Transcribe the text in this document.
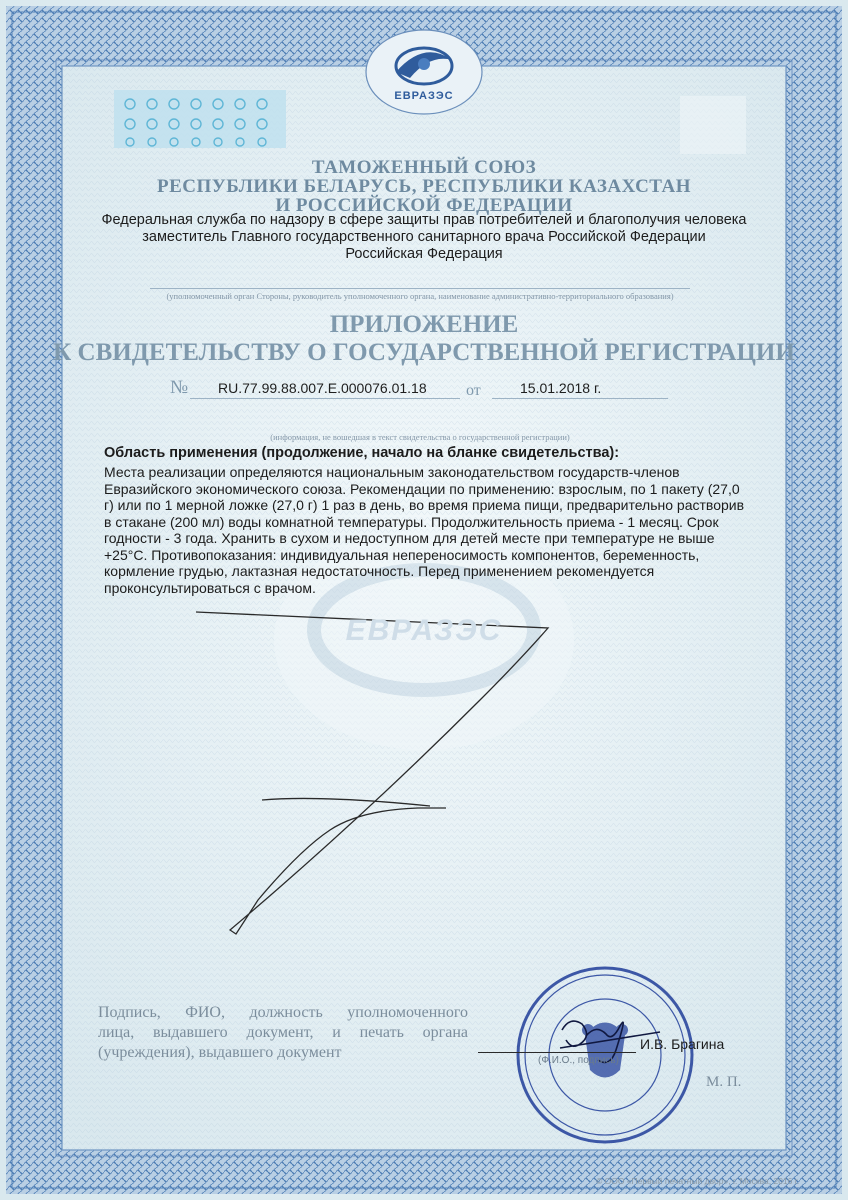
ЕВРАЗЭС
ЕВРАЗЭС
ТАМОЖЕННЫЙ СОЮЗ
РЕСПУБЛИКИ БЕЛАРУСЬ, РЕСПУБЛИКИ КАЗАХСТАН
И РОССИЙСКОЙ ФЕДЕРАЦИИ
Федеральная служба по надзору в сфере защиты прав потребителей и благополучия человека
заместитель Главного государственного санитарного врача Российской Федерации
Российская Федерация
(уполномоченный орган Стороны, руководитель уполномоченного органа, наименование административно-территориального образования)
ПРИЛОЖЕНИЕ
К СВИДЕТЕЛЬСТВУ О ГОСУДАРСТВЕННОЙ РЕГИСТРАЦИИ
№ RU.77.99.88.007.E.000076.01.18 от	15.01.2018 г.
(информация, не вошедшая в текст свидетельства о государственной регистрации)
Область применения (продолжение, начало на бланке свидетельства):
Места реализации определяются национальным законодательством государств-членов
Евразийского экономического союза. Рекомендации по применению: взрослым, по 1 пакету (27,0
г) или по 1 мерной ложке (27,0 г) 1 раз в день, во время приема пищи, предварительно растворив
в стакане (200 мл) воды комнатной температуры. Продолжительность приема - 1 месяц. Срок
годности - 3 года. Хранить в сухом и недоступном для детей месте при температуре не выше
+25°C. Противопоказания: индивидуальная непереносимость компонентов, беременность,
кормление грудью, лактазная недостаточность. Перед применением рекомендуется
проконсультироваться с врачом.
Подпись, ФИО, должность уполномоченного
лица, выдавшего документ, и печать органа
(учреждения), выдавшего документ	И.В. Брагина
(Ф.И.О., подпись)
М. П.
© ООО «Первый печатный двор», г. Москва, 2016 г.
